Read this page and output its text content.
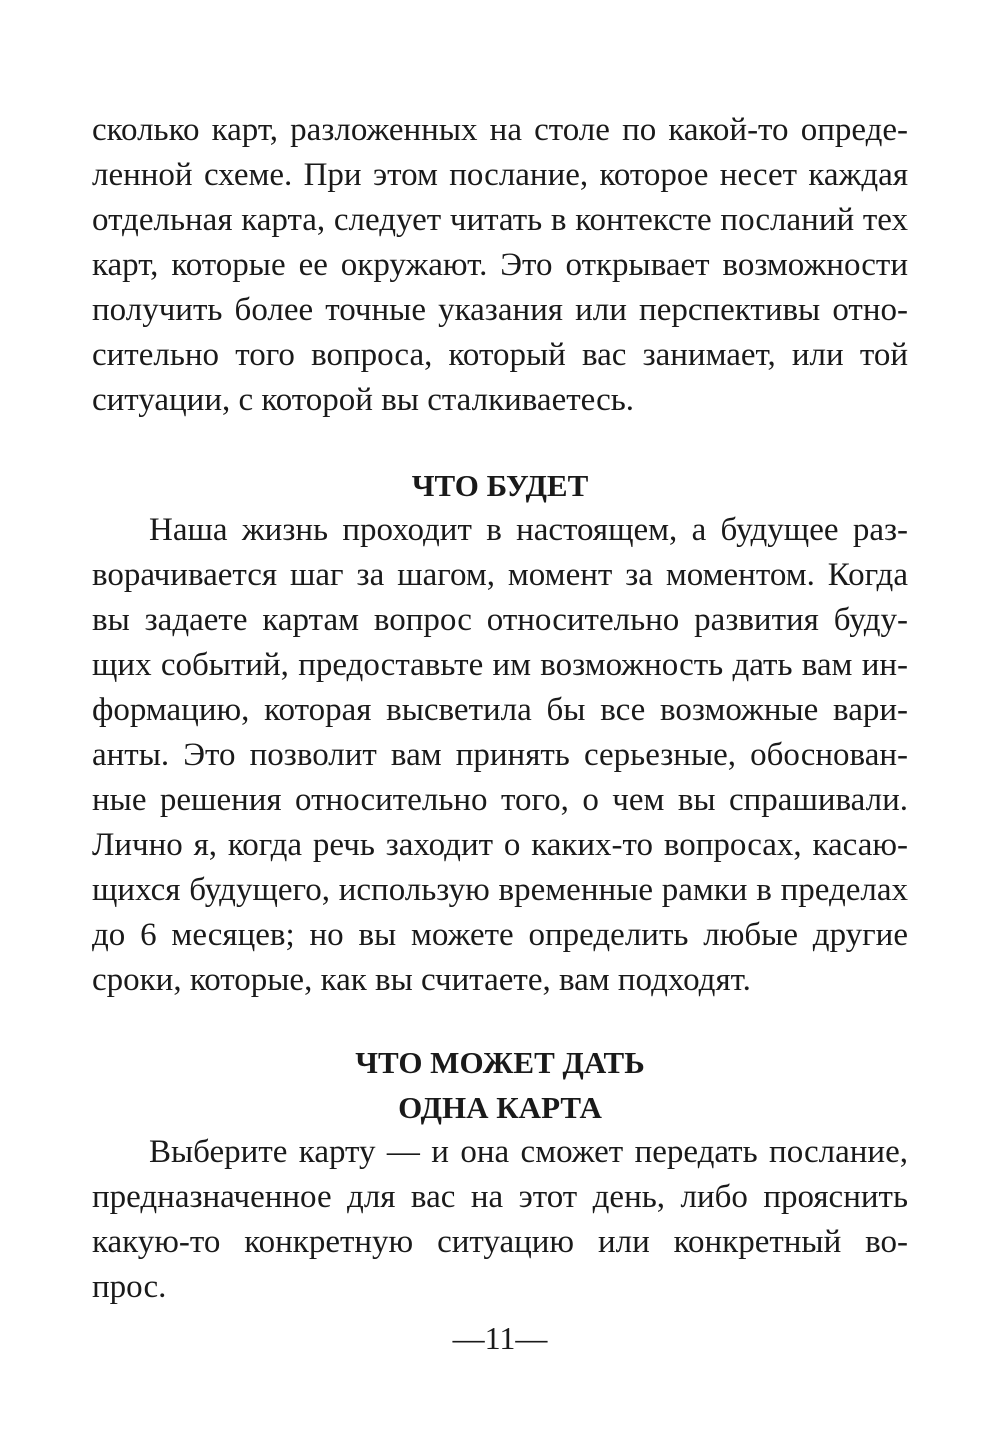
сколько карт, разложенных на столе по какой-то опреде-
ленной схеме. При этом послание, которое несет каждая
отдельная карта, следует читать в контексте посланий тех
карт, которые ее окружают. Это открывает возможности
получить более точные указания или перспективы отно-
сительно того вопроса, который вас занимает, или той
ситуации, с которой вы сталкиваетесь.
ЧТО БУДЕТ
Наша жизнь проходит в настоящем, а будущее раз-
ворачивается шаг за шагом, момент за моментом. Когда
вы задаете картам вопрос относительно развития буду-
щих событий, предоставьте им возможность дать вам ин-
формацию, которая высветила бы все возможные вари-
анты. Это позволит вам принять серьезные, обоснован-
ные решения относительно того, о чем вы спрашивали.
Лично я, когда речь заходит о каких-то вопросах, касаю-
щихся будущего, использую временные рамки в пределах
до 6 месяцев; но вы можете определить любые другие
сроки, которые, как вы считаете, вам подходят.
ЧТО МОЖЕТ ДАТЬ
ОДНА КАРТА
Выберите карту — и она сможет передать послание,
предназначенное для вас на этот день, либо прояснить
какую-то конкретную ситуацию или конкретный во-
прос.
—11—
